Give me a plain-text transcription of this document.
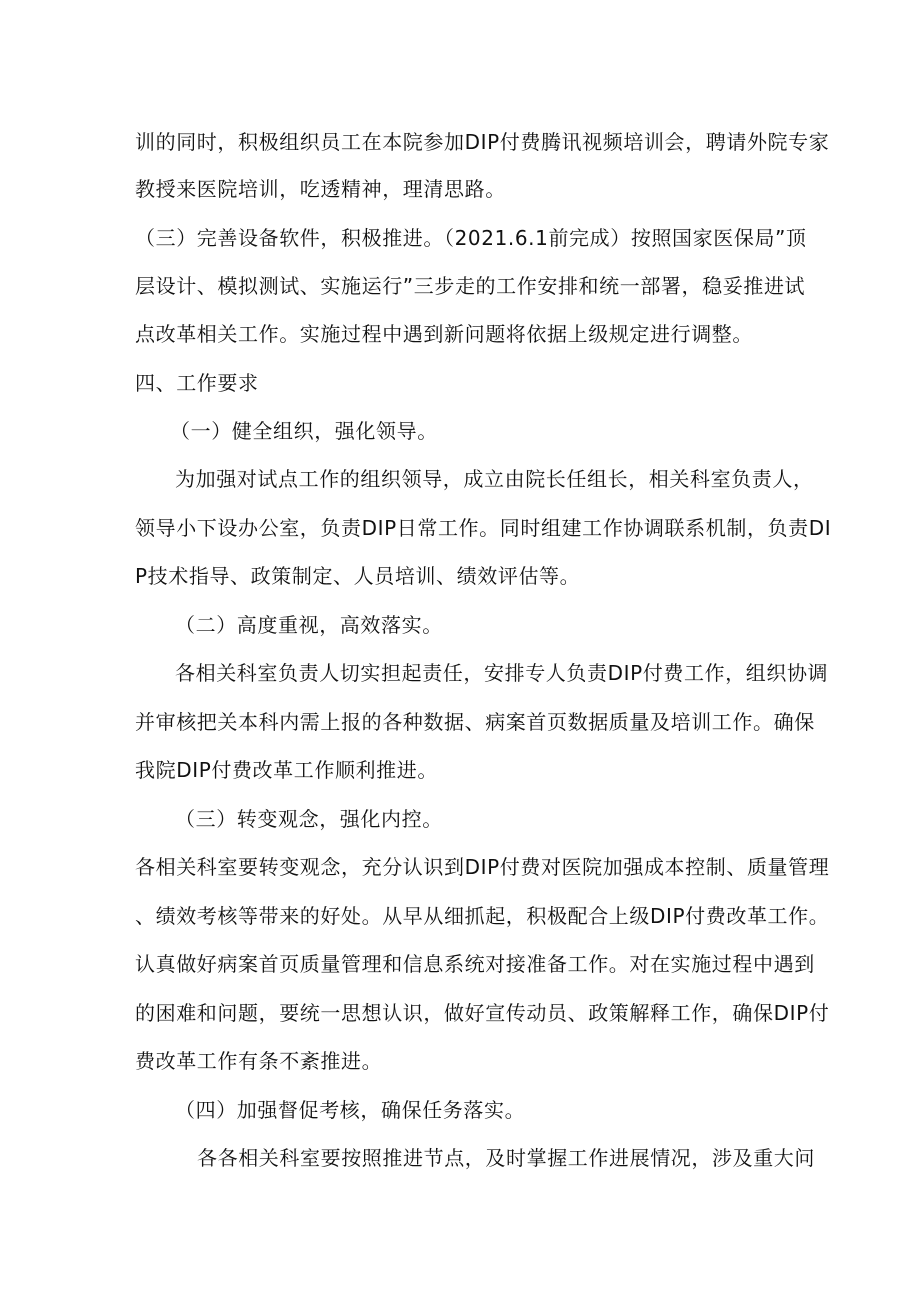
训的同时，积极组织员工在本院参加DIP付费腾讯视频培训会，聘请外院专家
教授来医院培训，吃透精神，理清思路。
（三）完善设备软件，积极推进。（2021.6.1前完成）按照国家医保局”顶
层设计、模拟测试、实施运行”三步走的工作安排和统一部署，稳妥推进试
点改革相关工作。实施过程中遇到新问题将依据上级规定进行调整。
四、工作要求
（一）健全组织，强化领导。
为加强对试点工作的组织领导，成立由院长任组长，相关科室负责人，
领导小下设办公室，负责DIP日常工作。同时组建工作协调联系机制，负责DI
P技术指导、政策制定、人员培训、绩效评估等。
（二）高度重视，高效落实。
各相关科室负责人切实担起责任，安排专人负责DIP付费工作，组织协调
并审核把关本科内需上报的各种数据、病案首页数据质量及培训工作。确保
我院DIP付费改革工作顺利推进。
（三）转变观念，强化内控。
各相关科室要转变观念，充分认识到DIP付费对医院加强成本控制、质量管理
、绩效考核等带来的好处。从早从细抓起，积极配合上级DIP付费改革工作。
认真做好病案首页质量管理和信息系统对接准备工作。对在实施过程中遇到
的困难和问题，要统一思想认识，做好宣传动员、政策解释工作，确保DIP付
费改革工作有条不紊推进。
（四）加强督促考核，确保任务落实。
各各相关科室要按照推进节点，及时掌握工作进展情况，涉及重大问
